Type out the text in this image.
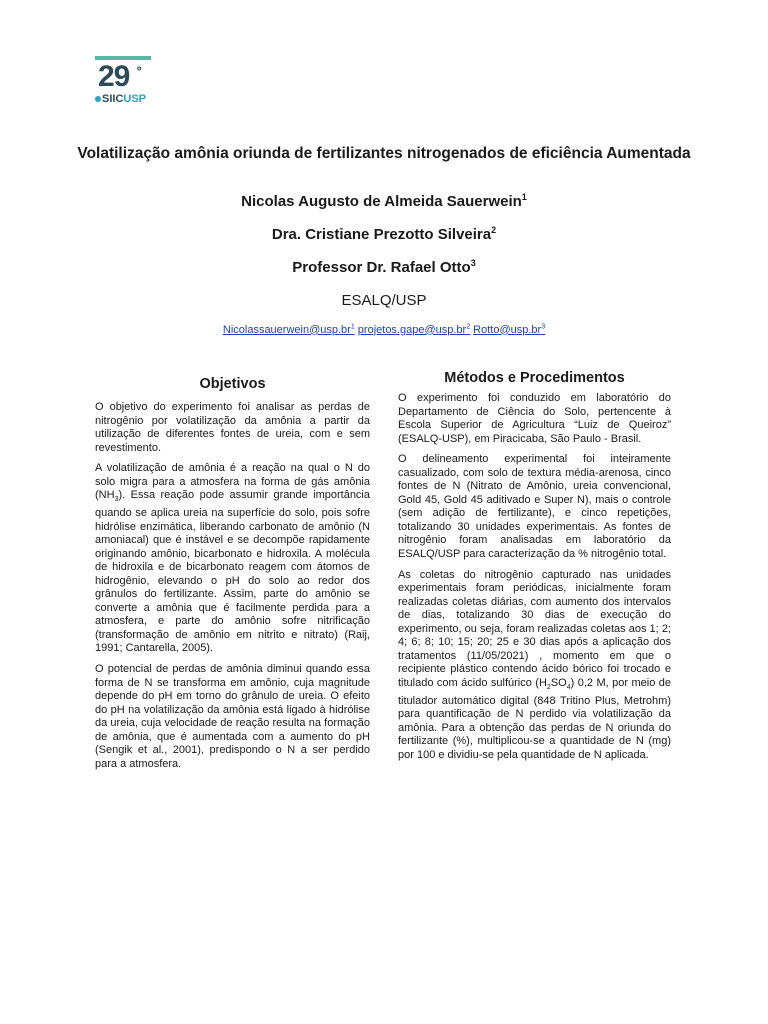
29 º
SIICUSP
Volatilização amônia oriunda de fertilizantes nitrogenados de eficiência Aumentada

Nicolas Augusto de Almeida Sauerwein$^1$

Dra. Cristiane Prezotto Silveira$^2$

Professor Dr. Rafael Otto$^3$

ESALQ/USP

$Nicolassauerwein@usp.br^1$ $projetos.gape@usp.br^2$ $Rotto@usp.br^3$
Objetivos

O objetivo do experimento foi analisar as perdas de nitrogênio por volatilização da amônia a partir da utilização de diferentes fontes de ureia, com e sem revestimento.

A volatilização de amônia é a reação na qual o N do solo migra para a atmosfera na forma de gás amônia $(NH_3)$. Essa reação pode assumir grande importância quando se aplica ureia na superfície do solo, pois sofre hidrólise enzimática, liberando carbonato de amônio (N amoniacal) que é instável e se decompõe rapidamente originando amônio, bicarbonato e hidroxila. A molécula de hidroxila e de bicarbonato reagem com átomos de hidrogênio, elevando o pH do solo ao redor dos grânulos do fertilizante. Assim, parte do amônio se converte a amônia que é facilmente perdida para a atmosfera, e parte do amônio sofre nitrificação (transformação de amônio em nitrito e nitrato) (Raij, 1991; Cantarella, 2005).

O potencial de perdas de amônia diminui quando essa forma de N se transforma em amônio, cuja magnitude depende do pH em torno do grânulo de ureia. O efeito do pH na volatilização da amônia está ligado à hidrólise da ureia, cuja velocidade de reação resulta na formação de amônia, que é aumentada com a aumento do pH (Sengik et al., 2001), predispondo o N a ser perdido para a atmosfera.

Métodos e Procedimentos

O experimento foi conduzido em laboratório do Departamento de Ciência do Solo, pertencente à Escola Superior de Agricultura “Luiz de Queiroz” (ESALQ-USP), em Piracicaba, São Paulo - Brasil.

O delineamento experimental foi inteiramente casualizado, com solo de textura média-arenosa, cinco fontes de N (Nitrato de Amônio, ureia convencional, Gold 45, Gold 45 aditivado e Super N), mais o controle (sem adição de fertilizante), e cinco repetições, totalizando 30 unidades experimentais. As fontes de nitrogênio foram analisadas em laboratório da ESALQ/USP para caracterização da % nitrogênio total.

As coletas do nitrogênio capturado nas unidades experimentais foram periódicas, inicialmente foram realizadas coletas diárias, com aumento dos intervalos de dias, totalizando 30 dias de execução do experimento, ou seja, foram realizadas coletas aos 1; 2; 4; 6; 8; 10; 15; 20; 25 e 30 dias após a aplicação dos tratamentos (11/05/2021) , momento em que o recipiente plástico contendo ácido bórico foi trocado e titulado com ácido sulfúrico $(H_2SO_4)$ 0,2 M, por meio de titulador automático digital (848 Tritino Plus, Metrohm) para quantificação de N perdido via volatilização da amônia. Para a obtenção das perdas de N oriunda do fertilizante (%), multiplicou-se a quantidade de N (mg) por 100 e dividiu-se pela quantidade de N aplicada.
